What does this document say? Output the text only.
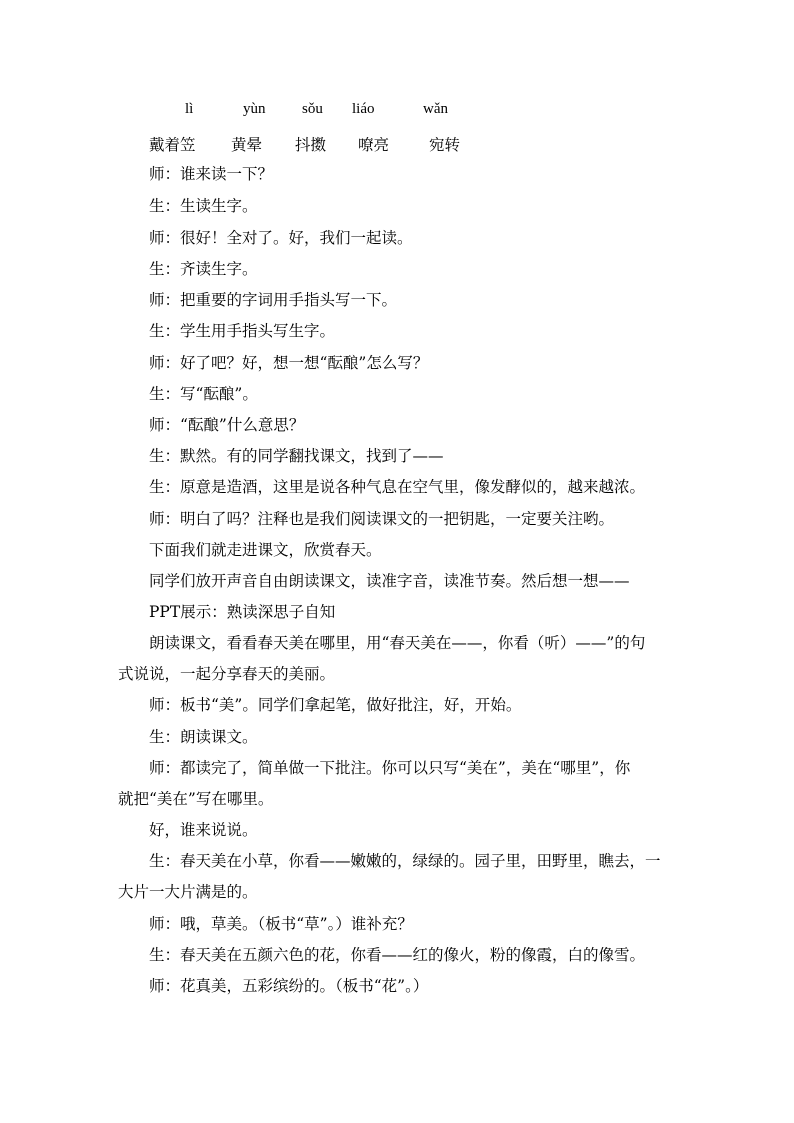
lì	yùn sǒu liáo	wǎn
戴着笠 黄晕 抖擞 嘹亮	宛转
师：谁来读一下？
生：生读生字。
师：很好！全对了。好，我们一起读。
生：齐读生字。
师：把重要的字词用手指头写一下。
生：学生用手指头写生字。
师：好了吧？好，想一想“酝酿”怎么写？
生：写“酝酿”。
师：“酝酿”什么意思？
生：默然。有的同学翻找课文，找到了——
生：原意是造酒，这里是说各种气息在空气里，像发酵似的，越来越浓。
师：明白了吗？注释也是我们阅读课文的一把钥匙，一定要关注哟。
下面我们就走进课文，欣赏春天。
同学们放开声音自由朗读课文，读准字音，读准节奏。然后想一想——
PPT展示：熟读深思子自知
朗读课文，看看春天美在哪里，用“春天美在——，你看（听）——”的句
式说说，一起分享春天的美丽。
师：板书“美”。同学们拿起笔，做好批注，好，开始。
生：朗读课文。
师：都读完了，简单做一下批注。你可以只写“美在”，美在“哪里”，你
就把“美在”写在哪里。
好，谁来说说。
生：春天美在小草，你看——嫩嫩的，绿绿的。园子里，田野里，瞧去，一
大片一大片满是的。
师：哦，草美。（板书“草”。）谁补充？
生：春天美在五颜六色的花，你看——红的像火，粉的像霞，白的像雪。
师：花真美，五彩缤纷的。（板书“花”。）
